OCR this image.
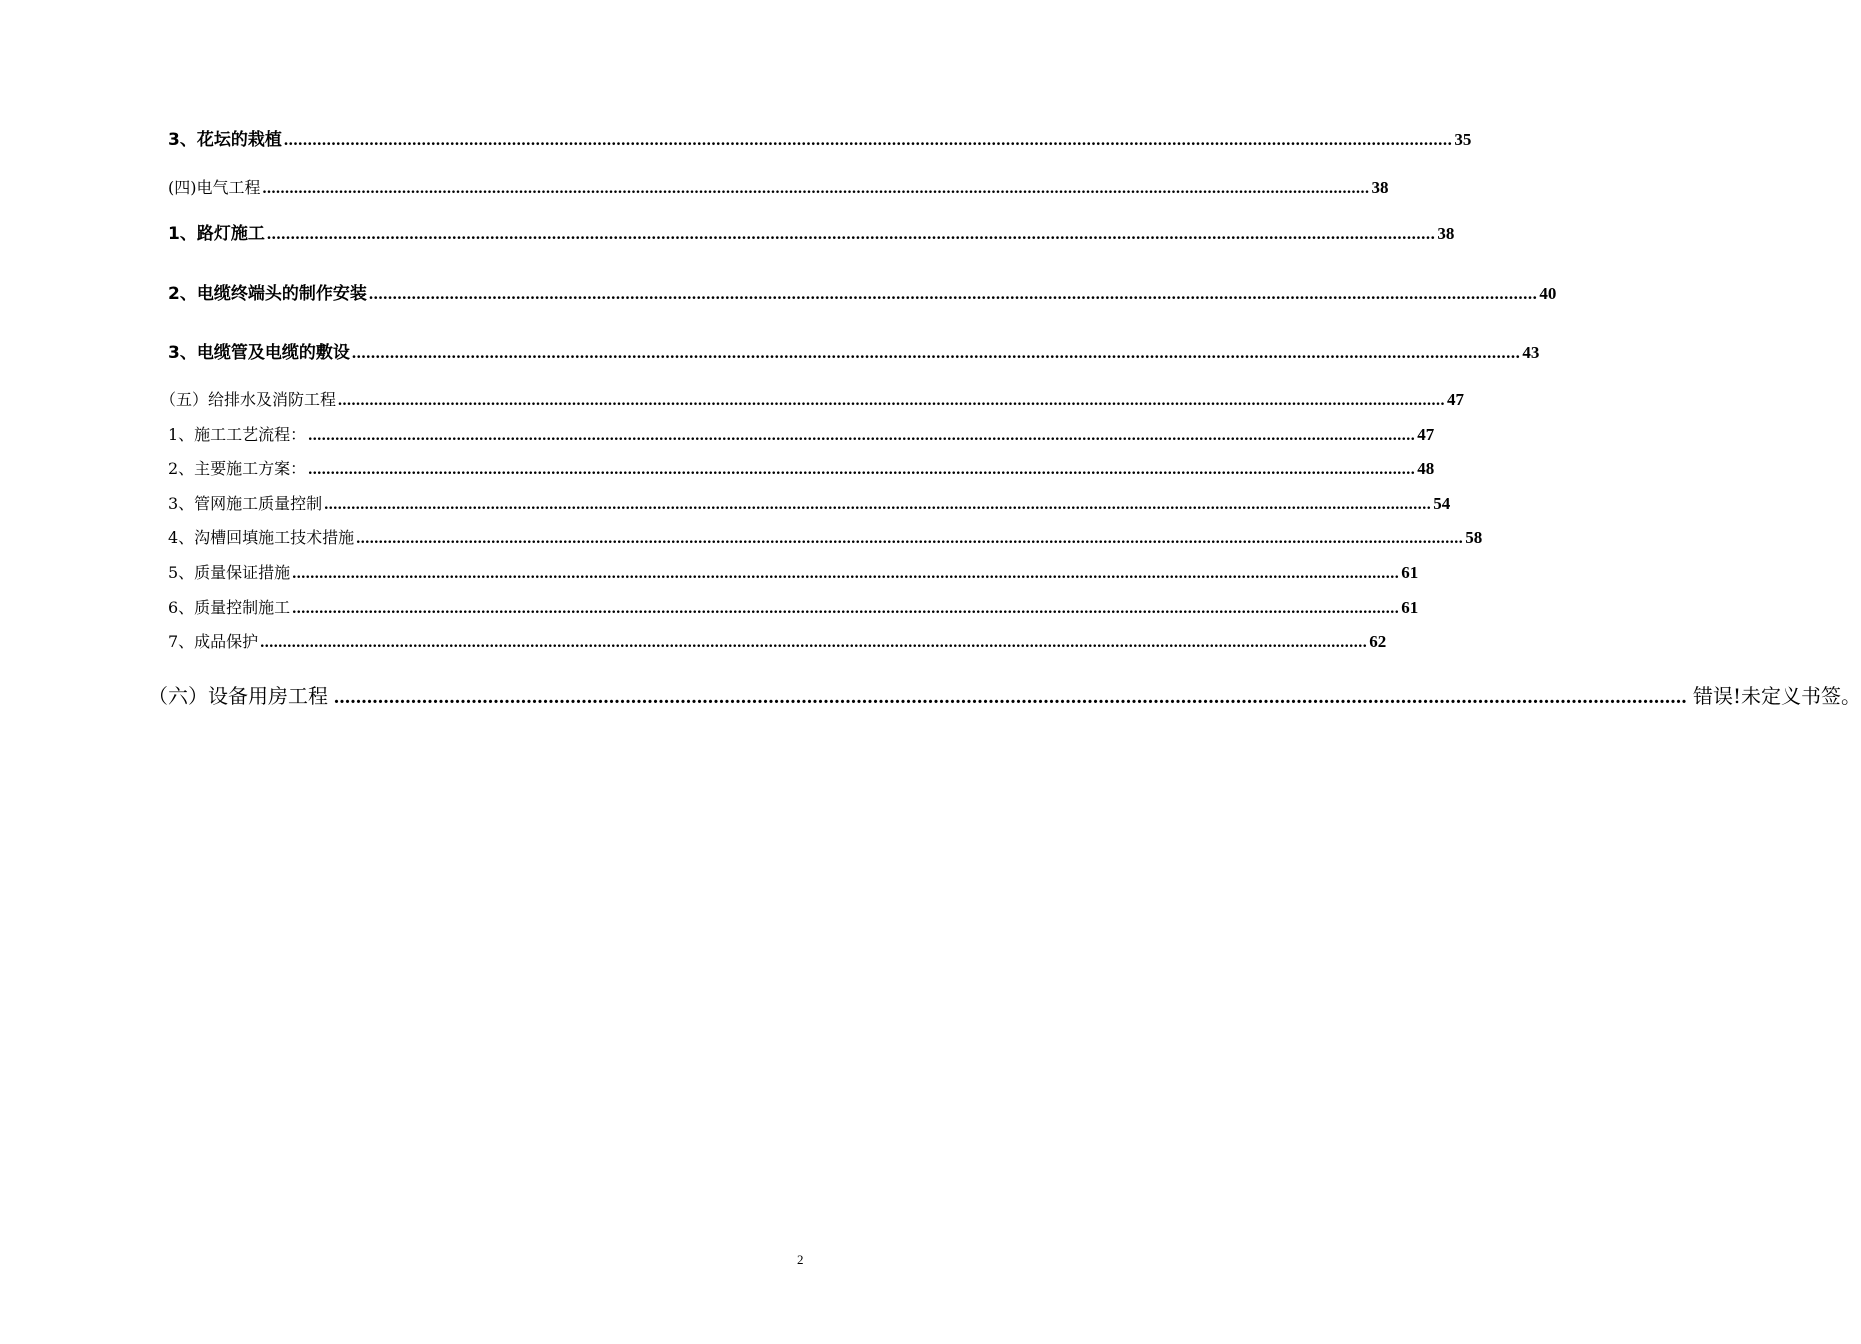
3、花坛的栽植 ...................................................................................................................................................................................................................................................... 35
(四)电气工程 ...................................................................................................................................................................................................................................................... 38
1、路灯施工 ...................................................................................................................................................................................................................................................... 38
2、电缆终端头的制作安装 ...................................................................................................................................................................................................................................................... 40
3、电缆管及电缆的敷设 ...................................................................................................................................................................................................................................................... 43
（五）给排水及消防工程 ...................................................................................................................................................................................................................................................... 47
1、施工工艺流程： ...................................................................................................................................................................................................................................................... 47
2、主要施工方案： ...................................................................................................................................................................................................................................................... 48
3、管网施工质量控制 ...................................................................................................................................................................................................................................................... 54
4、沟槽回填施工技术措施 ...................................................................................................................................................................................................................................................... 58
5、质量保证措施 ...................................................................................................................................................................................................................................................... 61
6、质量控制施工 ...................................................................................................................................................................................................................................................... 61
7、成品保护 ...................................................................................................................................................................................................................................................... 62
（六）设备用房工程 ...................................................................................................................................................................................................................................................... 错误!未定义书签。
2
